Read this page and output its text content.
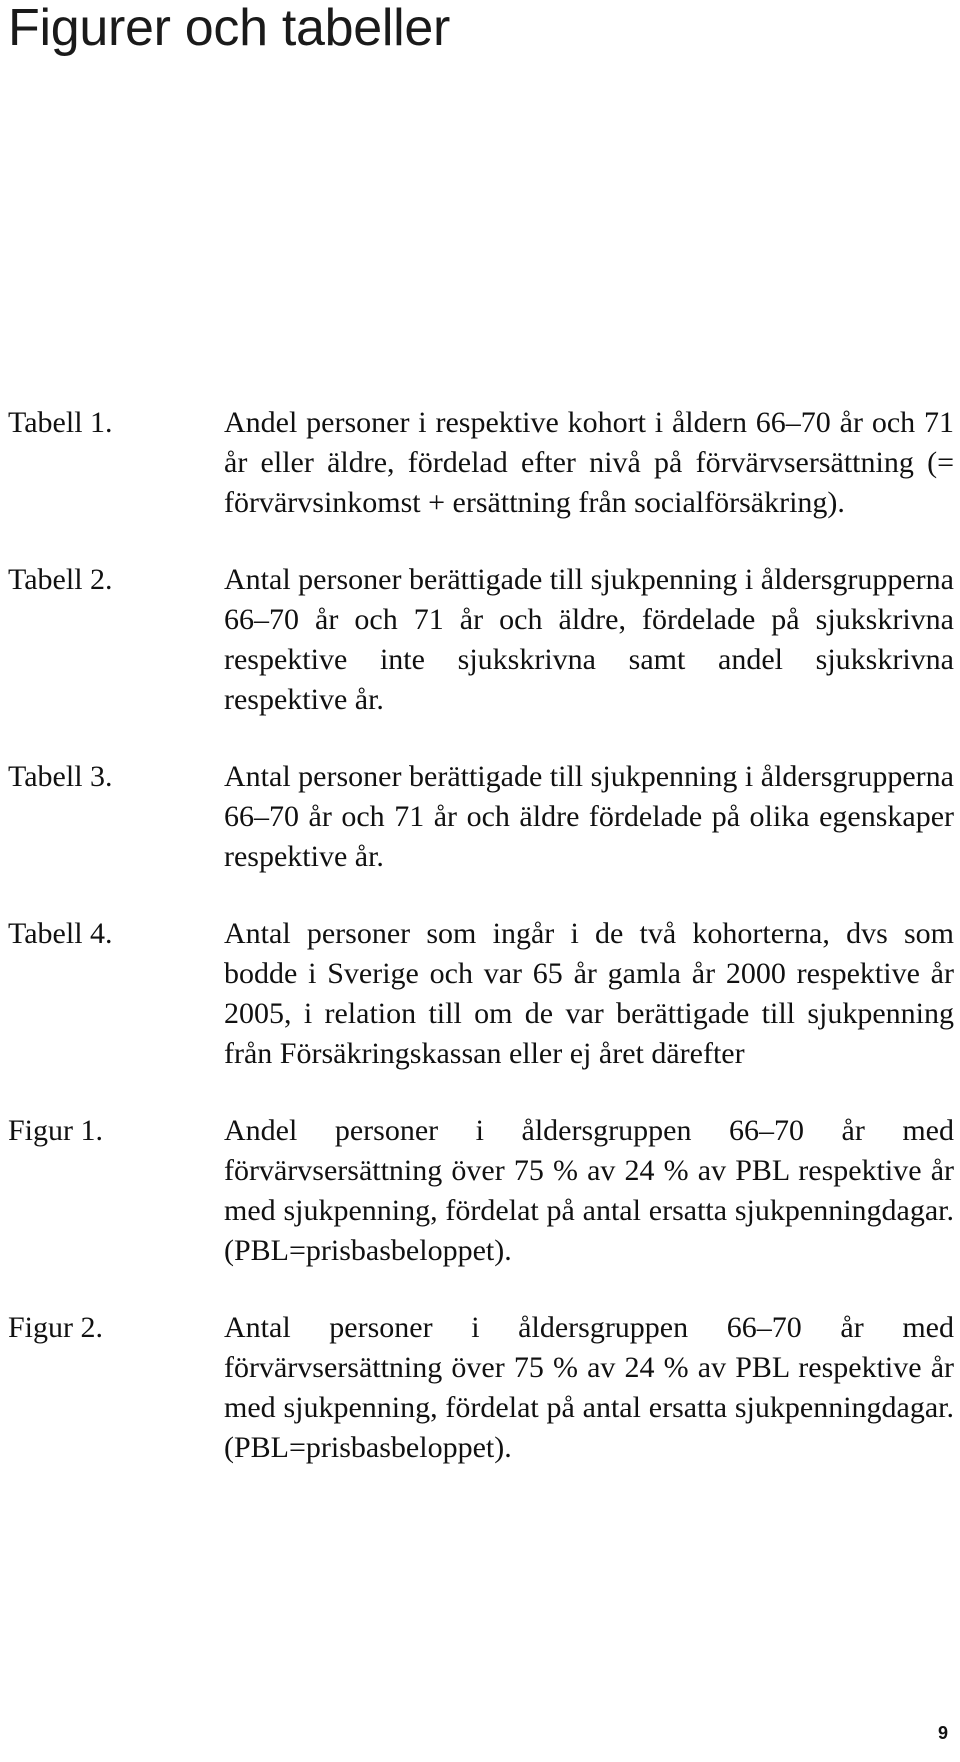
Figurer och tabeller
Tabell 1.	Andel personer i respektive kohort i åldern 66–70 år och 71 år eller äldre, fördelad efter nivå på förvärvsersättning (= förvärvsinkomst + ersättning från socialförsäkring).
Tabell 2.	Antal personer berättigade till sjukpenning i åldersgrupperna 66–70 år och 71 år och äldre, fördelade på sjukskrivna respektive inte sjukskrivna samt andel sjukskrivna respektive år.
Tabell 3.	Antal personer berättigade till sjukpenning i åldersgrupperna 66–70 år och 71 år och äldre fördelade på olika egenskaper respektive år.
Tabell 4.	Antal personer som ingår i de två kohorterna, dvs som bodde i Sverige och var 65 år gamla år 2000 respektive år 2005, i relation till om de var berättigade till sjukpenning från Försäkringskassan eller ej året därefter
Figur 1.	Andel personer i åldersgruppen 66–70 år med förvärvsersättning över 75 % av 24 % av PBL respektive år med sjukpenning, fördelat på antal ersatta sjukpenningdagar. (PBL=prisbasbeloppet).
Figur 2.	Antal personer i åldersgruppen 66–70 år med förvärvsersättning över 75 % av 24 % av PBL respektive år med sjukpenning, fördelat på antal ersatta sjukpenningdagar. (PBL=prisbasbeloppet).
9
